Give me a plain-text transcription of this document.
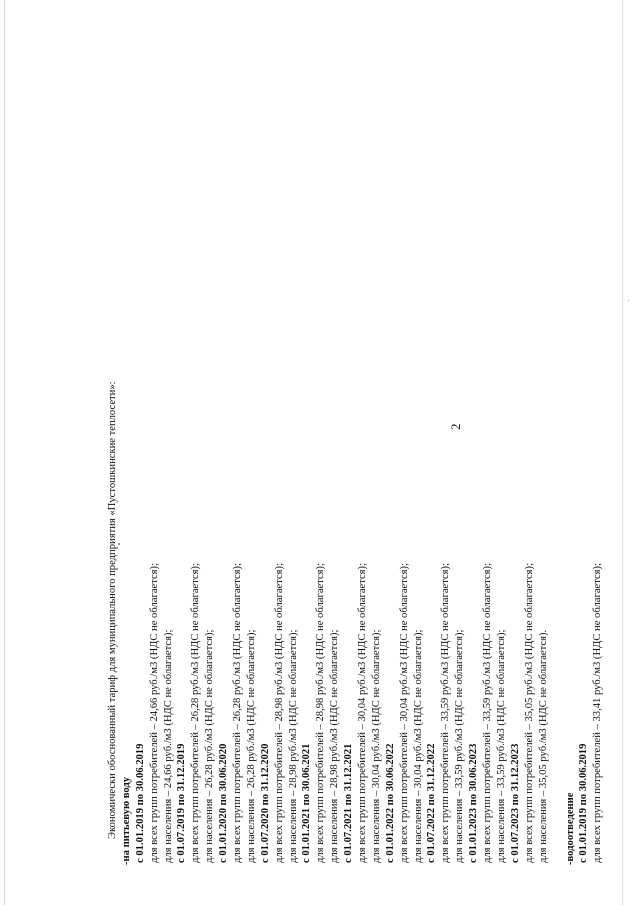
2
Экономически обоснованный тариф для муниципального предприятия «Пустошкинские теплосети»: -на питьевую воду с 01.01.2019 по 30.06.2019 для всех групп потребителей – 24,66 руб./м3 (НДС не облагается); для населения – 24,66 руб./м3 (НДС не облагается); с 01.07.2019 по 31.12.2019 для всех групп потребителей – 26,28 руб./м3 (НДС не облагается); для населения – 26,28 руб./м3 (НДС не облагается); с 01.01.2020 по 30.06.2020 для всех групп потребителей – 26,28 руб./м3 (НДС не облагается); для населения – 26,28 руб./м3 (НДС не облагается); с 01.07.2020 по 31.12.2020 для всех групп потребителей – 28,98 руб./м3 (НДС не облагается); для населения – 28,98 руб./м3 (НДС не облагается); с 01.01.2021 по 30.06.2021 для всех групп потребителей – 28,98 руб./м3 (НДС не облагается); для населения – 28,98 руб./м3 (НДС не облагается); с 01.07.2021 по 31.12.2021 для всех групп потребителей – 30,04 руб./м3 (НДС не облагается); для населения – 30,04 руб./м3 (НДС не облагается); с 01.01.2022 по 30.06.2022 для всех групп потребителей – 30,04 руб./м3 (НДС не облагается); для населения – 30,04 руб./м3 (НДС не облагается); с 01.07.2022 по 31.12.2022 для всех групп потребителей – 33,59 руб./м3 (НДС не облагается); для населения – 33,59 руб./м3 (НДС не облагается); с 01.01.2023 по 30.06.2023 для всех групп потребителей – 33,59 руб./м3 (НДС не облагается); для населения – 33,59 руб./м3 (НДС не облагается); с 01.07.2023 по 31.12.2023 для всех групп потребителей – 35,05 руб./м3 (НДС не облагается); для населения – 35,05 руб./м3 (НДС не облагается). -водоотведение с 01.01.2019 по 30.06.2019 для всех групп потребителей – 33,41 руб./м3 (НДС не облагается);
